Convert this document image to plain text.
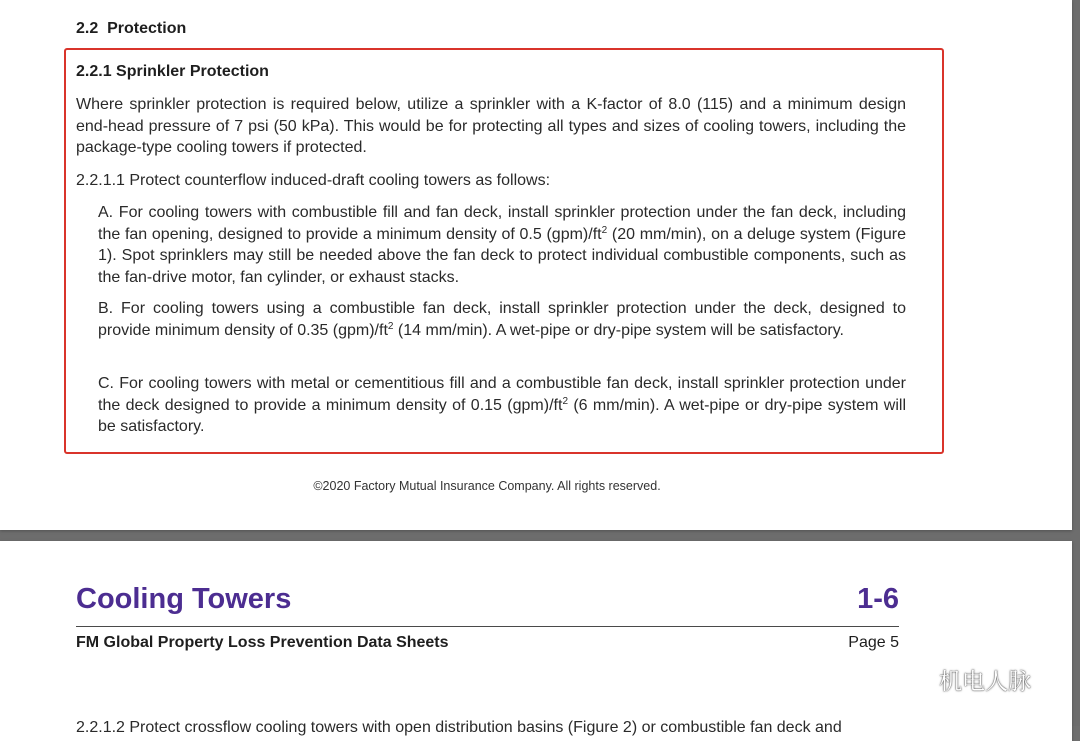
2.2  Protection
2.2.1 Sprinkler Protection
Where sprinkler protection is required below, utilize a sprinkler with a K-factor of 8.0 (115) and a minimum design end-head pressure of 7 psi (50 kPa). This would be for protecting all types and sizes of cooling towers, including the package-type cooling towers if protected.
2.2.1.1 Protect counterflow induced-draft cooling towers as follows:
A. For cooling towers with combustible fill and fan deck, install sprinkler protection under the fan deck, including the fan opening, designed to provide a minimum density of 0.5 $(gpm)/ft^2$ (20 mm/min), on a deluge system (Figure 1). Spot sprinklers may still be needed above the fan deck to protect individual combustible components, such as the fan-drive motor, fan cylinder, or exhaust stacks.
B. For cooling towers using a combustible fan deck, install sprinkler protection under the deck, designed to provide minimum density of 0.35 $(gpm)/ft^2$ (14 mm/min). A wet-pipe or dry-pipe system will be satisfactory.
C. For cooling towers with metal or cementitious fill and a combustible fan deck, install sprinkler protection under the deck designed to provide a minimum density of 0.15 $(gpm)/ft^2$ (6 mm/min). A wet-pipe or dry-pipe system will be satisfactory.
©2020 Factory Mutual Insurance Company. All rights reserved.
Cooling Towers	1-6
FM Global Property Loss Prevention Data Sheets	Page 5
2.2.1.2 Protect crossflow cooling towers with open distribution basins (Figure 2) or combustible fan deck and
机电人脉
